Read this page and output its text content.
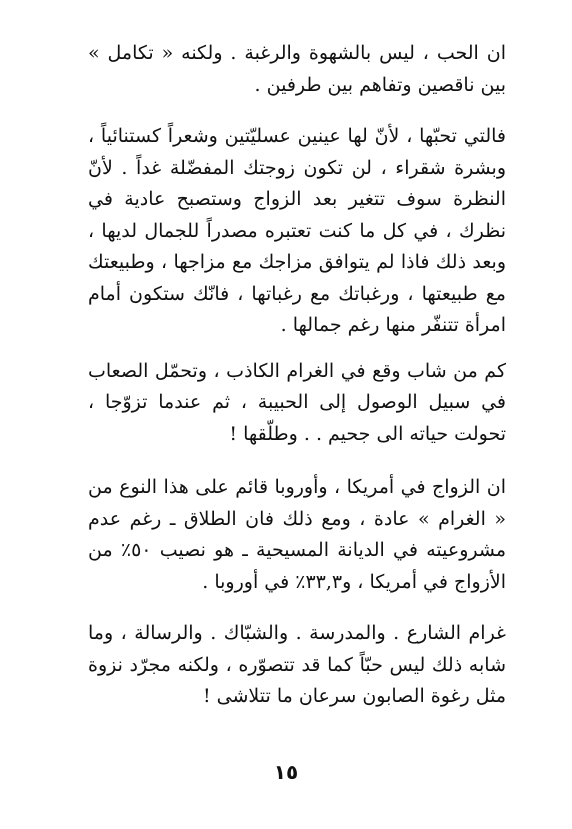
ان الحب ، ليس بالشهوة والرغبة . ولكنه « تكامل » بين ناقصين وتفاهم بين طرفين .

فالتي تحبّها ، لأنّ لها عينين عسليّتين وشعراً كستنائياً ، وبشرة شقراء ، لن تكون زوجتك المفضّلة غداً . لأنّ النظرة سوف تتغير بعد الزواج وستصبح عادية في نظرك ، في كل ما كنت تعتبره مصدراً للجمال لديها ، وبعد ذلك فاذا لم يتوافق مزاجك مع مزاجها ، وطبيعتك مع طبيعتها ، ورغباتك مع رغباتها ، فانّك ستكون أمام امرأة تتنفّر منها رغم جمالها .

كم من شاب وقع في الغرام الكاذب ، وتحمّل الصعاب في سبيل الوصول إلى الحبيبة ، ثم عندما تزوّجا ، تحولت حياته الى جحيم . . وطلّقها !

ان الزواج في أمريكا ، وأوروبا قائم على هذا النوع من « الغرام » عادة ، ومع ذلك فان الطلاق ـ رغم عدم مشروعيته في الديانة المسيحية ـ هو نصيب ٥٠٪ من الأزواج في أمريكا ، و٣٣,٣٪ في أوروبا .

غرام الشارع . والمدرسة . والشبّاك . والرسالة ، وما شابه ذلك ليس حبّاً كما قد تتصوّره ، ولكنه مجرّد نزوة مثل رغوة الصابون سرعان ما تتلاشى !

١٥
